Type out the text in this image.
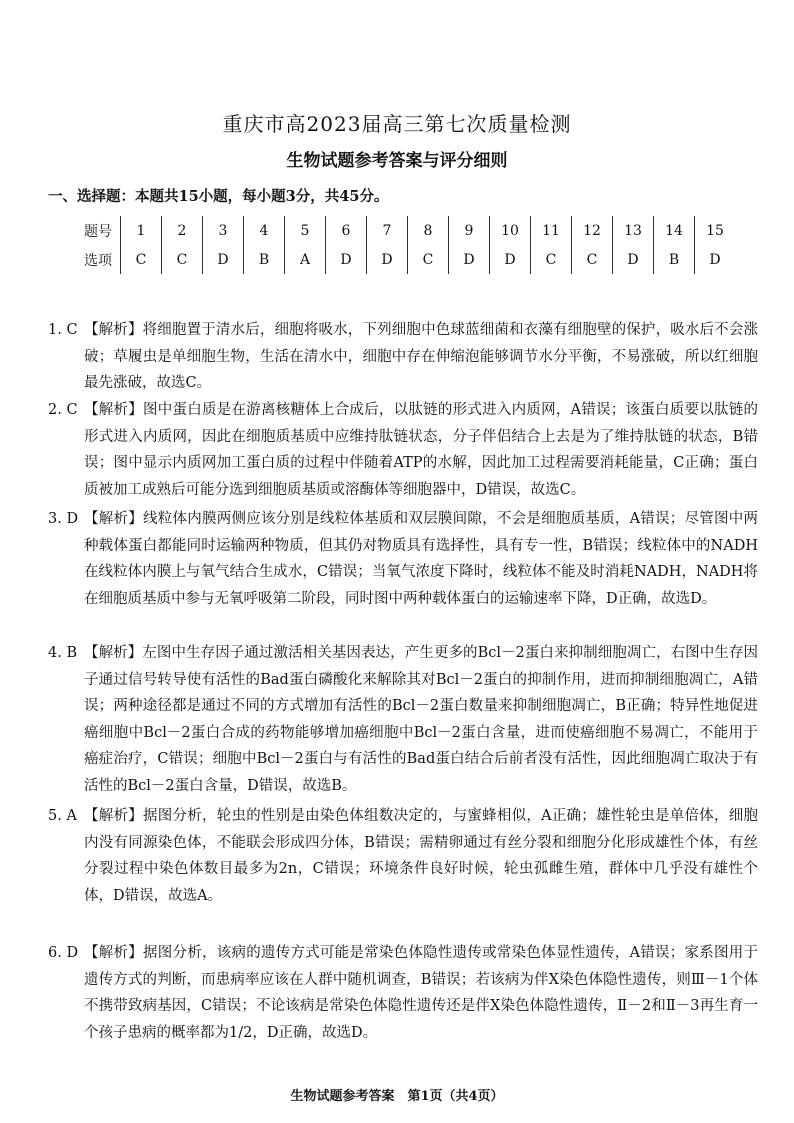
重庆市高2023届高三第七次质量检测
生物试题参考答案与评分细则
一、选择题：本题共15小题，每小题3分，共45分。
题号	1	2	3	4	5	6	7	8	9	10	11	12	13	14	15
选项	C	C	D	B	A	D	D	C	D	D	C	C	D	B	D
1. C 【解析】将细胞置于清水后，细胞将吸水，下列细胞中色球蓝细菌和衣藻有细胞壁的保护，吸水后不会涨破；草履虫是单细胞生物，生活在清水中，细胞中存在伸缩泡能够调节水分平衡，不易涨破，所以红细胞最先涨破，故选C。
2. C 【解析】图中蛋白质是在游离核糖体上合成后，以肽链的形式进入内质网，A错误；该蛋白质要以肽链的形式进入内质网，因此在细胞质基质中应维持肽链状态，分子伴侣结合上去是为了维持肽链的状态，B错误；图中显示内质网加工蛋白质的过程中伴随着ATP的水解，因此加工过程需要消耗能量，C正确；蛋白质被加工成熟后可能分选到细胞质基质或溶酶体等细胞器中，D错误，故选C。
3. D 【解析】线粒体内膜两侧应该分别是线粒体基质和双层膜间隙，不会是细胞质基质，A错误；尽管图中两种载体蛋白都能同时运输两种物质，但其仍对物质具有选择性，具有专一性，B错误；线粒体中的NADH在线粒体内膜上与氧气结合生成水，C错误；当氧气浓度下降时，线粒体不能及时消耗NADH，NADH将在细胞质基质中参与无氧呼吸第二阶段，同时图中两种载体蛋白的运输速率下降，D正确，故选D。
4. B 【解析】左图中生存因子通过激活相关基因表达，产生更多的Bcl－2蛋白来抑制细胞凋亡，右图中生存因子通过信号转导使有活性的Bad蛋白磷酸化来解除其对Bcl－2蛋白的抑制作用，进而抑制细胞凋亡，A错误；两种途径都是通过不同的方式增加有活性的Bcl－2蛋白数量来抑制细胞凋亡，B正确；特异性地促进癌细胞中Bcl－2蛋白合成的药物能够增加癌细胞中Bcl－2蛋白含量，进而使癌细胞不易凋亡，不能用于癌症治疗，C错误；细胞中Bcl－2蛋白与有活性的Bad蛋白结合后前者没有活性，因此细胞凋亡取决于有活性的Bcl－2蛋白含量，D错误，故选B。
5. A 【解析】据图分析，轮虫的性别是由染色体组数决定的，与蜜蜂相似，A正确；雄性轮虫是单倍体，细胞内没有同源染色体，不能联会形成四分体，B错误；需精卵通过有丝分裂和细胞分化形成雄性个体，有丝分裂过程中染色体数目最多为2n，C错误；环境条件良好时候，轮虫孤雌生殖，群体中几乎没有雄性个体，D错误，故选A。
6. D 【解析】据图分析，该病的遗传方式可能是常染色体隐性遗传或常染色体显性遗传，A错误；家系图用于遗传方式的判断，而患病率应该在人群中随机调查，B错误；若该病为伴X染色体隐性遗传，则Ⅲ－1个体不携带致病基因，C错误；不论该病是常染色体隐性遗传还是伴X染色体隐性遗传，Ⅱ－2和Ⅱ－3再生育一个孩子患病的概率都为1/2，D正确，故选D。
生物试题参考答案　第1页（共4页）
